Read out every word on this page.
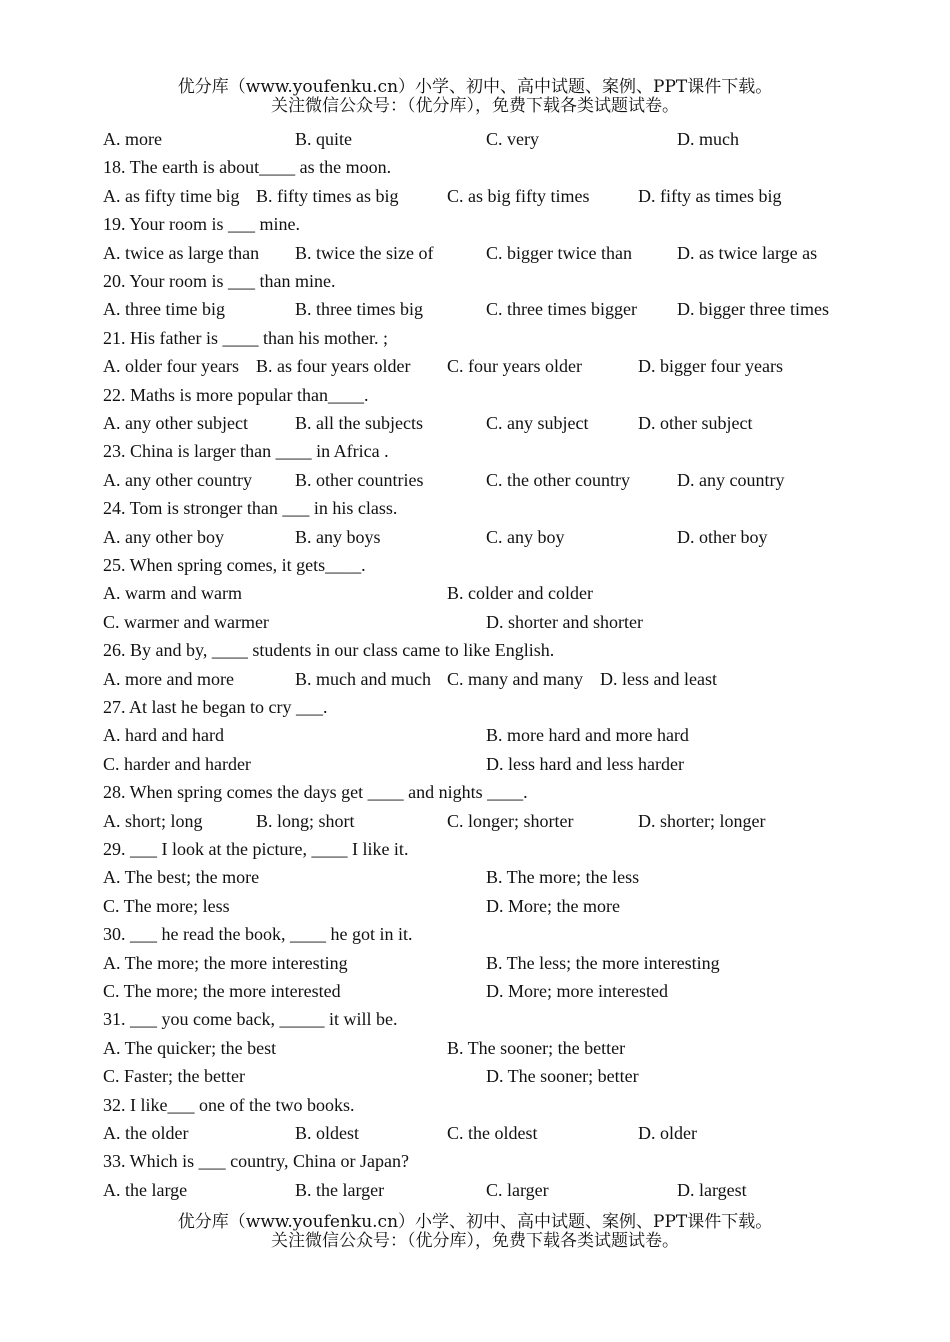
优分库（www.youfenku.cn）小学、初中、高中试题、案例、PPT课件下载。
关注微信公众号：（优分库），免费下载各类试题试卷。
A. more	B. quite	C. very	D. much
18. The earth is about____ as the moon.
A. as fifty time big B. fifty times as big	C. as big fifty times	D. fifty as times big
19. Your room is ___ mine.
A. twice as large than B. twice the size of	C. bigger twice than	D. as twice large as
20. Your room is ___ than mine.
A. three time big	B. three times big	C. three times bigger D. bigger three times
21. His father is ____ than his mother. ;
A. older four years B. as four years older C. four years older	D. bigger four years
22. Maths is more popular than____.
A. any other subject	B. all the subjects	C. any subject	D. other subject
23. China is larger than ____ in Africa .
A. any other country B. other countries	C. the other country	D. any country
24. Tom is stronger than ___ in his class.
A. any other boy	B. any boys	C. any boy	D. other boy
25. When spring comes, it gets____.
A. warm and warm	B. colder and colder
C. warmer and warmer	D. shorter and shorter
26. By and by, ____ students in our class came to like English.
A. more and more	B. much and much C. many and many D. less and least
27. At last he began to cry ___.
A. hard and hard	B. more hard and more hard
C. harder and harder	D. less hard and less harder
28. When spring comes the days get ____ and nights ____.
A. short; long	B. long; short	C. longer; shorter	D. shorter; longer
29. ___ I look at the picture, ____ I like it.
A. The best; the more	B. The more; the less
C. The more; less	D. More; the more
30. ___ he read the book, ____ he got in it.
A. The more; the more interesting	B. The less; the more interesting
C. The more; the more interested	D. More; more interested
31. ___ you come back, _____ it will be.
A. The quicker; the best	B. The sooner; the better
C. Faster; the better	D. The sooner; better
32. I like___ one of the two books.
A. the older	B. oldest	C. the oldest	D. older
33. Which is ___ country, China or Japan?
A. the large	B. the larger	C. larger	D. largest
优分库（www.youfenku.cn）小学、初中、高中试题、案例、PPT课件下载。
关注微信公众号：（优分库），免费下载各类试题试卷。
